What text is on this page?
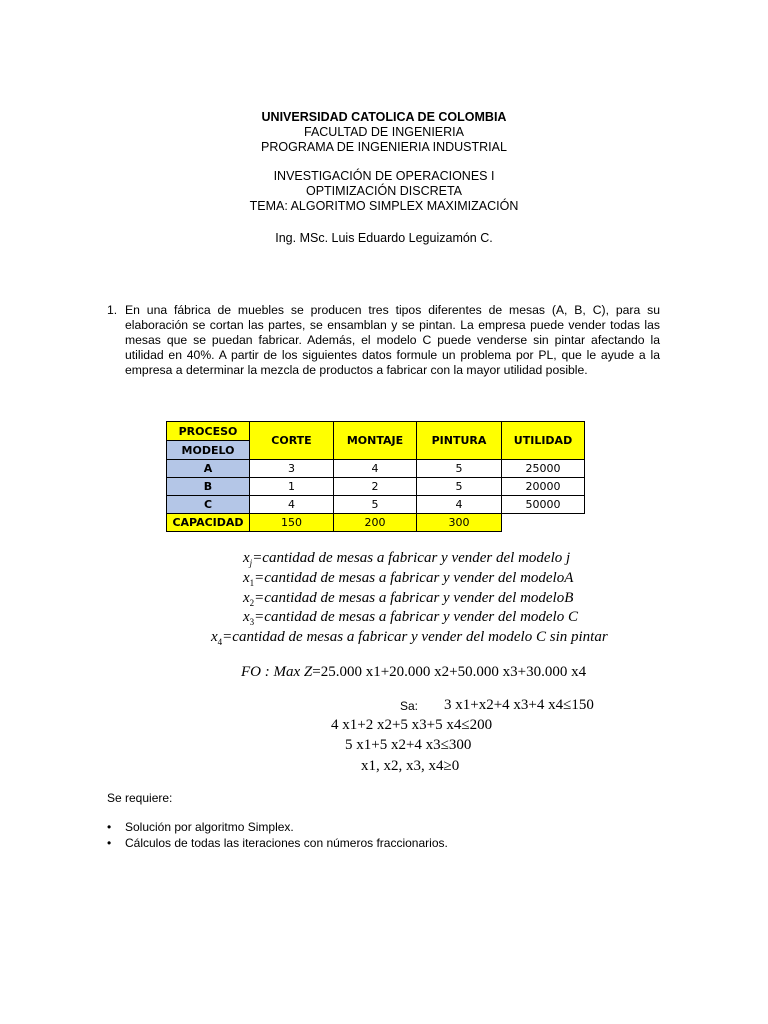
UNIVERSIDAD CATOLICA DE COLOMBIA
FACULTAD DE INGENIERIA
PROGRAMA DE INGENIERIA INDUSTRIAL
INVESTIGACIÓN DE OPERACIONES I
OPTIMIZACIÓN DISCRETA
TEMA: ALGORITMO SIMPLEX MAXIMIZACIÓN
Ing. MSc. Luis Eduardo Leguizamón C.
1. En una fábrica de muebles se producen tres tipos diferentes de mesas (A, B, C), para su elaboración se cortan las partes, se ensamblan y se pintan. La empresa puede vender todas las mesas que se puedan fabricar. Además, el modelo C puede venderse sin pintar afectando la utilidad en 40%. A partir de los siguientes datos formule un problema por PL, que le ayude a la empresa a determinar la mezcla de productos a fabricar con la mayor utilidad posible.
PROCESO	CORTE	MONTAJE	PINTURA	UTILIDAD
MODELO				
A	3	4	5	25000
B	1	2	5	20000
C	4	5	4	50000
CAPACIDAD	150	200	300	
$x_j=cantidad$ de mesas a fabricar y vender del modelo j
$x_1=cantidad$ de mesas a fabricar y vender del modeloA
$x_2=cantidad$ de mesas a fabricar y vender del modeloB
$x_3=cantidad$ de mesas a fabricar y vender del modelo C
$x_4=cantidad$ de mesas a fabricar y vender del modelo C sin pintar
FO : Max Z=25.000 x1+20.000 x2+50.000 x3+30.000 x4
Sa: 3 x1+x2+4 x3+4 x4≤150
4 x1+2 x2+5 x3+5 x4≤200
5 x1+5 x2+4 x3≤300
x1, x2, x3, x4≥0
Se requiere:
• Solución por algoritmo Simplex.
• Cálculos de todas las iteraciones con números fraccionarios.
